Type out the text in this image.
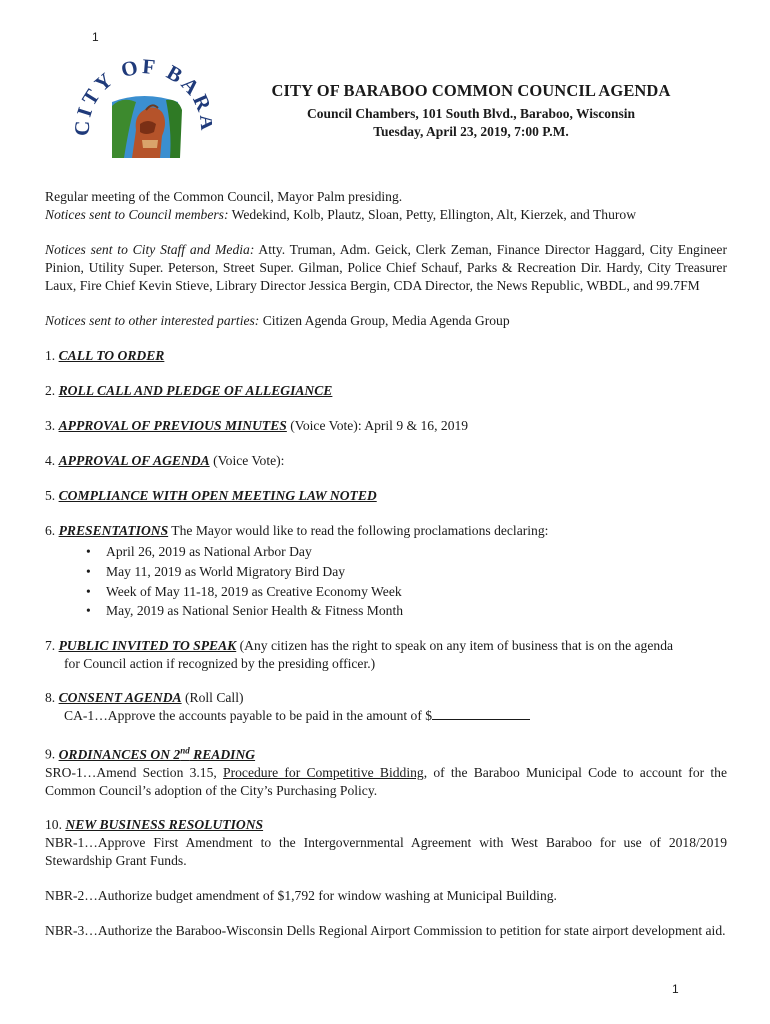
1
ITY OF BA	CITY OF BARABOO COMMON COUNCIL AGENDA
Council Chambers, 101 South Blvd., Baraboo, Wisconsin
Tuesday, April 23, 2019, 7:00 P.M.

Regular meeting of the Common Council, Mayor Palm presiding.

Notices sent to Council members: Wedekind, Kolb, Plautz, Sloan, Petty, Ellington, Alt, Kierzek, and Thurow

Notices sent to City Staff and Media: Atty. Truman, Adm. Geick, Clerk Zeman, Finance Director Haggard, City Engineer Pinion, Utility Super. Peterson, Street Super. Gilman, Police Chief Schauf, Parks & Recreation Dir. Hardy, City Treasurer Laux, Fire Chief Kevin Stieve, Library Director Jessica Bergin, CDA Director, the News Republic, WBDL, and 99.7FM

Notices sent to other interested parties: Citizen Agenda Group, Media Agenda Group

1. CALL TO ORDER

2. ROLL CALL AND PLEDGE OF ALLEGIANCE

3. APPROVAL OF PREVIOUS MINUTES (Voice Vote): April 9 & 16, 2019

4. APPROVAL OF AGENDA (Voice Vote):

5. COMPLIANCE WITH OPEN MEETING LAW NOTED

6. PRESENTATIONS The Mayor would like to read the following proclamations declaring:

• April 26, 2019 as National Arbor Day
• May 11, 2019 as World Migratory Bird Day
• Week of May 11-18, 2019 as Creative Economy Week
• May, 2019 as National Senior Health & Fitness Month

7. PUBLIC INVITED TO SPEAK (Any citizen has the right to speak on any item of business that is on the agenda

for Council action if recognized by the presiding officer.)

8. CONSENT AGENDA (Roll Call)

CA-1…Approve the accounts payable to be paid in the amount of $

9. ORDINANCES ON 2nd READING

SRO-1…Amend Section 3.15, Procedure for Competitive Bidding, of the Baraboo Municipal Code to account for the Common Council’s adoption of the City’s Purchasing Policy.

10. NEW BUSINESS RESOLUTIONS

NBR-1…Approve First Amendment to the Intergovernmental Agreement with West Baraboo for use of 2018/2019 Stewardship Grant Funds.

NBR-2…Authorize budget amendment of $1,792 for window washing at Municipal Building.

NBR-3…Authorize the Baraboo-Wisconsin Dells Regional Airport Commission to petition for state airport development aid.

1
